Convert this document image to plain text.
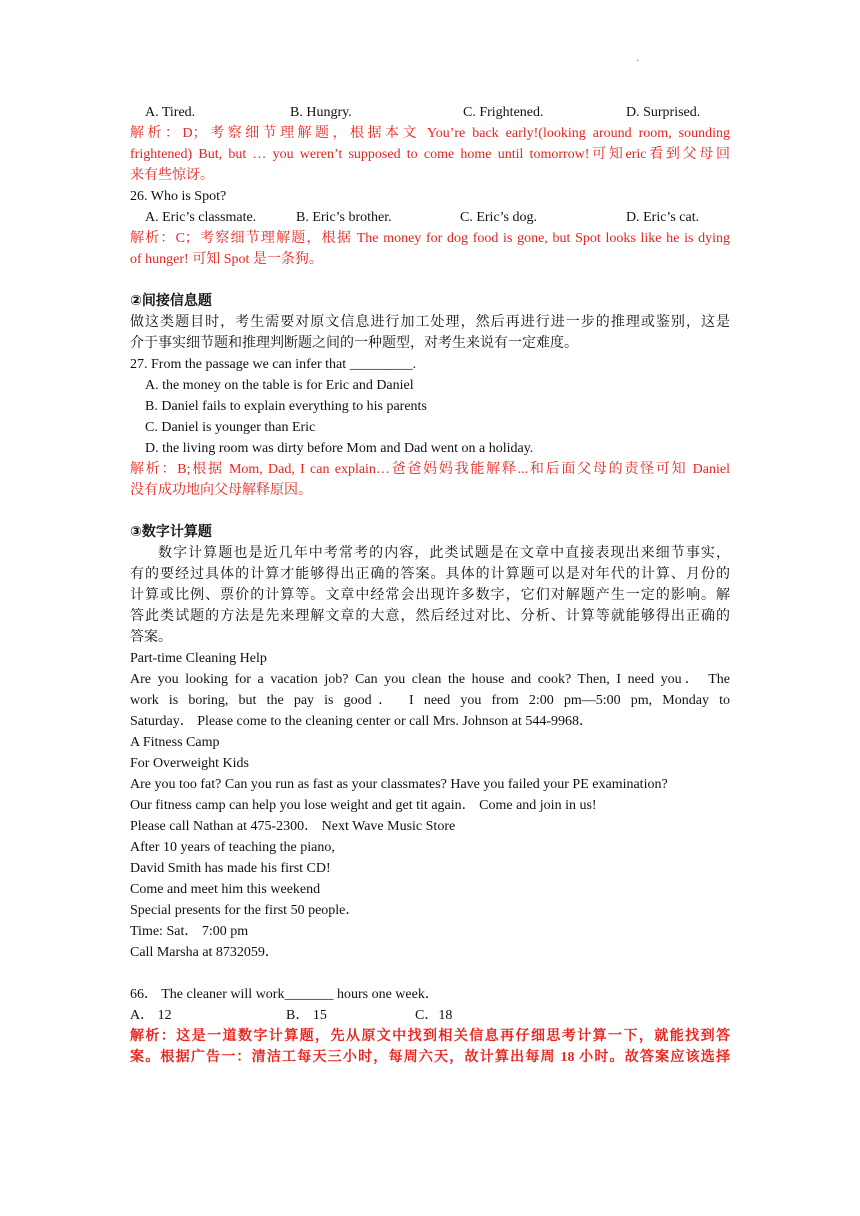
·
A. Tired.	B. Hungry.	C. Frightened.	D. Surprised.
解析：D；考察细节理解题，根据本文 You’re back early!(looking around room, sounding
frightened) But, but … you weren’t supposed to come home until tomorrow!可知eric看到父母回
来有些惊讶。
26. Who is Spot?
A. Eric’s classmate.	B. Eric’s brother.	C. Eric’s dog.	D. Eric’s cat.
解析：C；考察细节理解题，根据 The money for dog food is gone, but Spot looks like he is dying
of hunger! 可知 Spot 是一条狗。
②间接信息题
做这类题目时，考生需要对原文信息进行加工处理，然后再进行进一步的推理或鉴别，这是
介于事实细节题和推理判断题之间的一种题型，对考生来说有一定难度。
27. From the passage we can infer that _________.
A. the money on the table is for Eric and Daniel
B. Daniel fails to explain everything to his parents
C. Daniel is younger than Eric
D. the living room was dirty before Mom and Dad went on a holiday.
解析：B;根据 Mom, Dad, I can explain…爸爸妈妈我能解释...和后面父母的责怪可知 Daniel
没有成功地向父母解释原因。
③数字计算题
数字计算题也是近几年中考常考的内容，此类试题是在文章中直接表现出来细节事实，
有的要经过具体的计算才能够得出正确的答案。具体的计算题可以是对年代的计算、月份的
计算或比例、票价的计算等。文章中经常会出现许多数字，它们对解题产生一定的影响。解
答此类试题的方法是先来理解文章的大意，然后经过对比、分析、计算等就能够得出正确的
答案。
Part-time Cleaning Help
Are you looking for a vacation job? Can you clean the house and cook? Then, I need you． The
work is boring, but the pay is good． I need you from 2:00 pm—5:00 pm, Monday to
Saturday． Please come to the cleaning center or call Mrs. Johnson at 544-9968．
A Fitness Camp
For Overweight Kids
Are you too fat? Can you run as fast as your classmates? Have you failed your PE examination?
Our fitness camp can help you lose weight and get tit again． Come and join in us!
Please call Nathan at 475-2300． Next Wave Music Store
After 10 years of teaching the piano,
David Smith has made his first CD!
Come and meet him this weekend
Special presents for the first 50 people．
Time: Sat． 7:00 pm
Call Marsha at 8732059．
66． The cleaner will work_______ hours one week．
A． 12	B． 15	C．18
解析：这是一道数字计算题，先从原文中找到相关信息再仔细思考计算一下，就能找到答
案。根据广告一：清洁工每天三小时，每周六天，故计算出每周 18 小时。故答案应该选择
